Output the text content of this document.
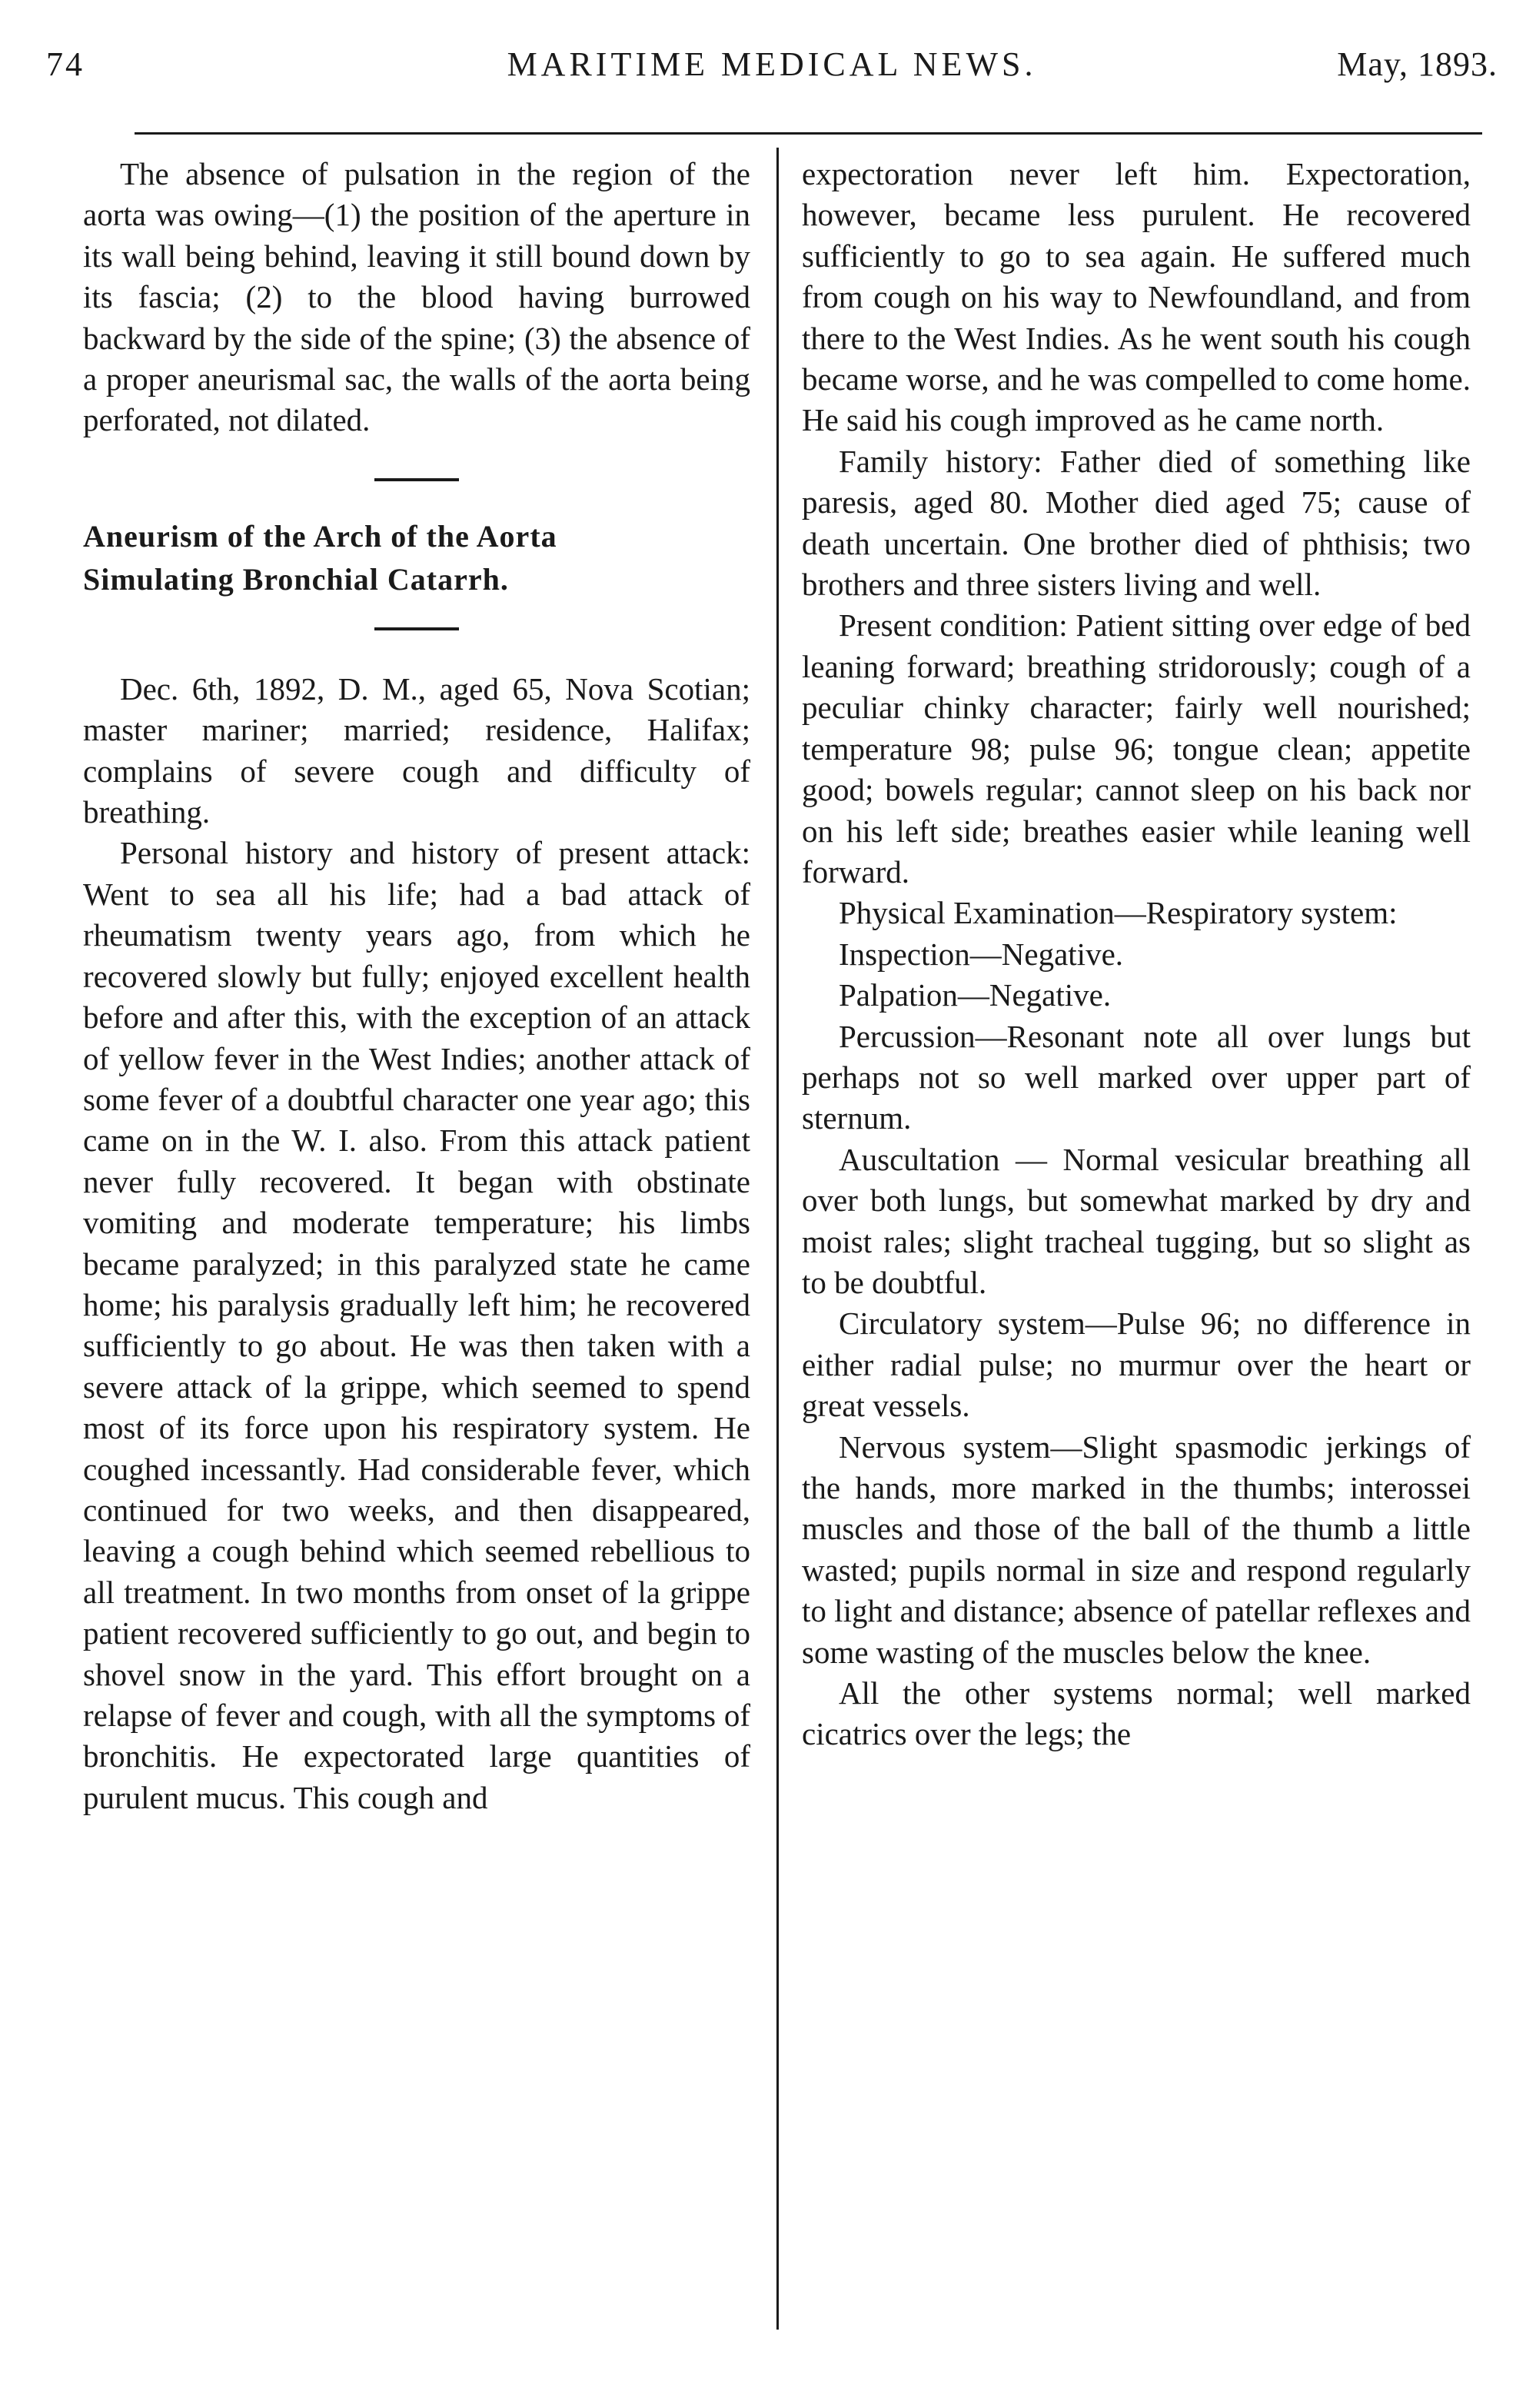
74	MARITIME MEDICAL NEWS.	May, 1893.

The absence of pulsation in the region of the aorta was owing—(1) the position of the aperture in its wall being behind, leaving it still bound down by its fascia; (2) to the blood having burrowed backward by the side of the spine; (3) the absence of a proper aneurismal sac, the walls of the aorta being perforated, not dilated.

Aneurism of the Arch of the Aorta

Simulating Bronchial Catarrh.

Dec. 6th, 1892, D. M., aged 65, Nova Scotian; master mariner; married; residence, Halifax; complains of severe cough and difficulty of breathing.

Personal history and history of present attack: Went to sea all his life; had a bad attack of rheumatism twenty years ago, from which he recovered slowly but fully; enjoyed excellent health before and after this, with the exception of an attack of yellow fever in the West Indies; another attack of some fever of a doubtful character one year ago; this came on in the W. I. also. From this attack patient never fully recovered. It began with obstinate vomiting and moderate temperature; his limbs became paralyzed; in this paralyzed state he came home; his paralysis gradually left him; he recovered sufficiently to go about. He was then taken with a severe attack of la grippe, which seemed to spend most of its force upon his respiratory system. He coughed incessantly. Had considerable fever, which continued for two weeks, and then disappeared, leaving a cough behind which seemed rebellious to all treatment. In two months from onset of la grippe patient recovered sufficiently to go out, and begin to shovel snow in the yard. This effort brought on a relapse of fever and cough, with all the symptoms of bronchitis. He expectorated large quantities of purulent mucus. This cough and

expectoration never left him. Expectoration, however, became less purulent. He recovered sufficiently to go to sea again. He suffered much from cough on his way to Newfoundland, and from there to the West Indies. As he went south his cough became worse, and he was compelled to come home. He said his cough improved as he came north.

Family history: Father died of something like paresis, aged 80. Mother died aged 75; cause of death uncertain. One brother died of phthisis; two brothers and three sisters living and well.

Present condition: Patient sitting over edge of bed leaning forward; breathing stridorously; cough of a peculiar chinky character; fairly well nourished; temperature 98; pulse 96; tongue clean; appetite good; bowels regular; cannot sleep on his back nor on his left side; breathes easier while leaning well forward.

Physical Examination—Respiratory system:

Inspection—Negative.

Palpation—Negative.

Percussion—Resonant note all over lungs but perhaps not so well marked over upper part of sternum.

Auscultation — Normal vesicular breathing all over both lungs, but somewhat marked by dry and moist rales; slight tracheal tugging, but so slight as to be doubtful.

Circulatory system—Pulse 96; no difference in either radial pulse; no murmur over the heart or great vessels.

Nervous system—Slight spasmodic jerkings of the hands, more marked in the thumbs; interossei muscles and those of the ball of the thumb a little wasted; pupils normal in size and respond regularly to light and distance; absence of patellar reflexes and some wasting of the muscles below the knee.

All the other systems normal; well marked cicatrics over the legs; the
